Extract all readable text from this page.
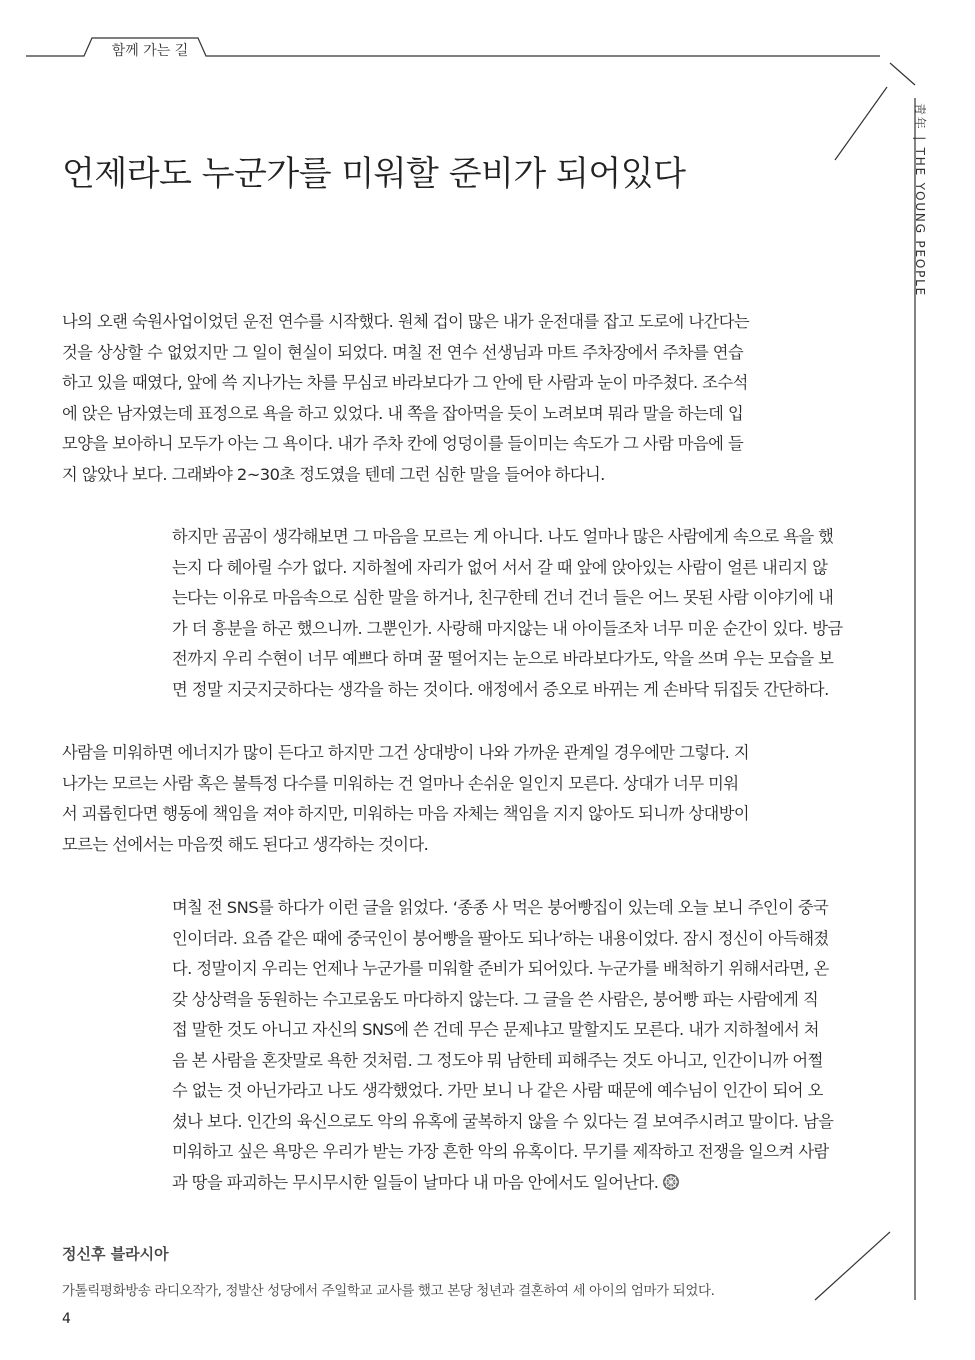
함께 가는 길
靑年 | THE YOUNG PEOPLE
언제라도 누군가를 미워할 준비가 되어있다
나의 오랜 숙원사업이었던 운전 연수를 시작했다. 원체 겁이 많은 내가 운전대를 잡고 도로에 나간다는
것을 상상할 수 없었지만 그 일이 현실이 되었다. 며칠 전 연수 선생님과 마트 주차장에서 주차를 연습
하고 있을 때였다, 앞에 쓱 지나가는 차를 무심코 바라보다가 그 안에 탄 사람과 눈이 마주쳤다. 조수석
에 앉은 남자였는데 표정으로 욕을 하고 있었다. 내 쪽을 잡아먹을 듯이 노려보며 뭐라 말을 하는데 입
모양을 보아하니 모두가 아는 그 욕이다. 내가 주차 칸에 엉덩이를 들이미는 속도가 그 사람 마음에 들
지 않았나 보다. 그래봐야 2~30초 정도였을 텐데 그런 심한 말을 들어야 하다니.
하지만 곰곰이 생각해보면 그 마음을 모르는 게 아니다. 나도 얼마나 많은 사람에게 속으로 욕을 했
는지 다 헤아릴 수가 없다. 지하철에 자리가 없어 서서 갈 때 앞에 앉아있는 사람이 얼른 내리지 않
는다는 이유로 마음속으로 심한 말을 하거나, 친구한테 건너 건너 들은 어느 못된 사람 이야기에 내
가 더 흥분을 하곤 했으니까. 그뿐인가. 사랑해 마지않는 내 아이들조차 너무 미운 순간이 있다. 방금
전까지 우리 수현이 너무 예쁘다 하며 꿀 떨어지는 눈으로 바라보다가도, 악을 쓰며 우는 모습을 보
면 정말 지긋지긋하다는 생각을 하는 것이다. 애정에서 증오로 바뀌는 게 손바닥 뒤집듯 간단하다.
사람을 미워하면 에너지가 많이 든다고 하지만 그건 상대방이 나와 가까운 관계일 경우에만 그렇다. 지
나가는 모르는 사람 혹은 불특정 다수를 미워하는 건 얼마나 손쉬운 일인지 모른다. 상대가 너무 미워
서 괴롭힌다면 행동에 책임을 져야 하지만, 미워하는 마음 자체는 책임을 지지 않아도 되니까 상대방이
모르는 선에서는 마음껏 해도 된다고 생각하는 것이다.
며칠 전 SNS를 하다가 이런 글을 읽었다. ‘종종 사 먹은 붕어빵집이 있는데 오늘 보니 주인이 중국
인이더라. 요즘 같은 때에 중국인이 붕어빵을 팔아도 되나’하는 내용이었다. 잠시 정신이 아득해졌
다. 정말이지 우리는 언제나 누군가를 미워할 준비가 되어있다. 누군가를 배척하기 위해서라면, 온
갖 상상력을 동원하는 수고로움도 마다하지 않는다. 그 글을 쓴 사람은, 붕어빵 파는 사람에게 직
접 말한 것도 아니고 자신의 SNS에 쓴 건데 무슨 문제냐고 말할지도 모른다. 내가 지하철에서 처
음 본 사람을 혼잣말로 욕한 것처럼. 그 정도야 뭐 남한테 피해주는 것도 아니고, 인간이니까 어쩔
수 없는 것 아닌가라고 나도 생각했었다. 가만 보니 나 같은 사람 때문에 예수님이 인간이 되어 오
셨나 보다. 인간의 육신으로도 악의 유혹에 굴복하지 않을 수 있다는 걸 보여주시려고 말이다. 남을
미워하고 싶은 욕망은 우리가 받는 가장 흔한 악의 유혹이다. 무기를 제작하고 전쟁을 일으켜 사람
과 땅을 파괴하는 무시무시한 일들이 날마다 내 마음 안에서도 일어난다.
정신후 블라시아
가톨릭평화방송 라디오작가, 정발산 성당에서 주일학교 교사를 했고 본당 청년과 결혼하여 세 아이의 엄마가 되었다.
4
